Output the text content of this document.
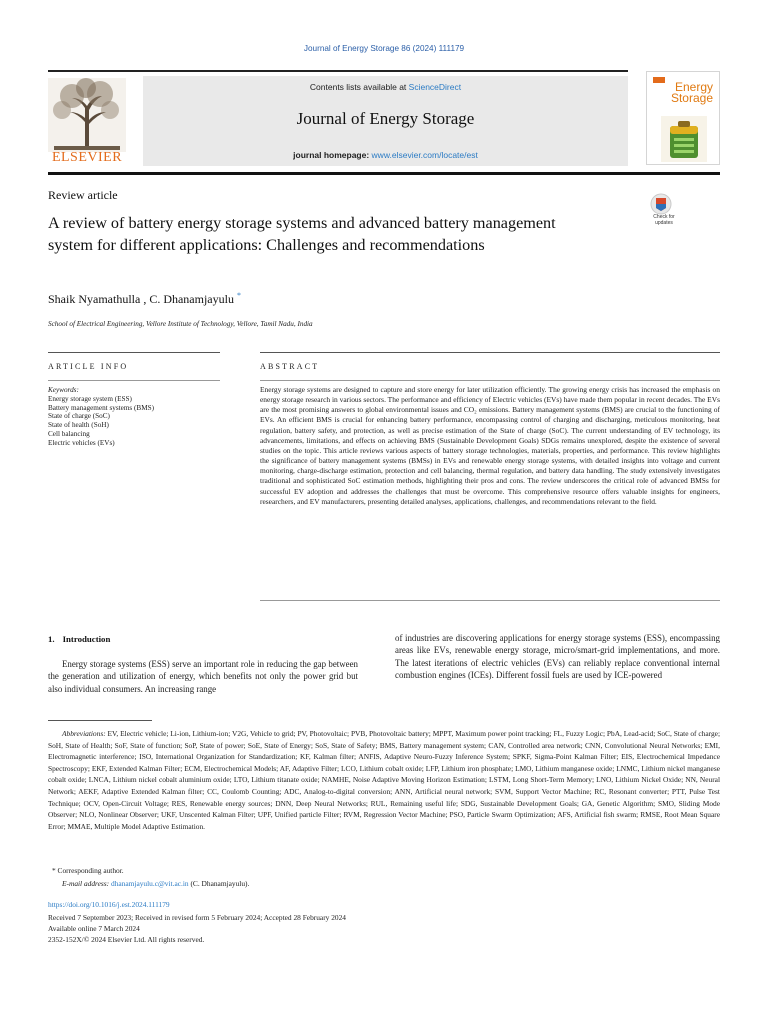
Journal of Energy Storage 86 (2024) 111179
ELSEVIER
Contents lists available at ScienceDirect
Journal of Energy Storage
journal homepage: www.elsevier.com/locate/est
Energy
Storage
Review article
Check for updates
A review of battery energy storage systems and advanced battery management system for different applications: Challenges and recommendations
Shaik Nyamathulla , C. Dhanamjayulu *
School of Electrical Engineering, Vellore Institute of Technology, Vellore, Tamil Nadu, India
ARTICLE INFO	ABSTRACT
Keywords:
Energy storage system (ESS)
Battery management systems (BMS)
State of charge (SoC)
State of health (SoH)
Cell balancing
Electric vehicles (EVs)
Energy storage systems are designed to capture and store energy for later utilization efficiently. The growing energy crisis has increased the emphasis on energy storage research in various sectors. The performance and efficiency of Electric vehicles (EVs) have made them popular in recent decades. The EVs are the most promising answers to global environmental issues and CO₂ emissions. Battery management systems (BMS) are crucial to the functioning of EVs. An efficient BMS is crucial for enhancing battery performance, encompassing control of charging and discharging, meticulous monitoring, heat regulation, battery safety, and protection, as well as precise estimation of the State of charge (SoC). The current understanding of EV technology, its advancements, limitations, and effects on achieving BMS (Sustainable Development Goals) SDGs remains unexplored, despite the existence of several studies on the topic. This article reviews various aspects of battery storage technologies, materials, properties, and performance. This review highlights the significance of battery management systems (BMSs) in EVs and renewable energy storage systems, with detailed insights into voltage and current monitoring, charge-discharge estimation, protection and cell balancing, thermal regulation, and battery data handling. The study extensively investigates traditional and sophisticated SoC estimation methods, highlighting their pros and cons. The review underscores the critical role of advanced BMSs for successful EV adoption and addresses the challenges that must be overcome. This comprehensive resource offers valuable insights for engineers, researchers, and EV manufacturers, presenting detailed analyses, applications, challenges, and recommendations relevant to the field.
1. Introduction
Energy storage systems (ESS) serve an important role in reducing the gap between the generation and utilization of energy, which benefits not only the power grid but also individual consumers. An increasing range
of industries are discovering applications for energy storage systems (ESS), encompassing areas like EVs, renewable energy storage, micro/smart-grid implementations, and more. The latest iterations of electric vehicles (EVs) can reliably replace conventional internal combustion engines (ICEs). Different fossil fuels are used by ICE-powered
Abbreviations: EV, Electric vehicle; Li-ion, Lithium-ion; V2G, Vehicle to grid; PV, Photovoltaic; PVB, Photovoltaic battery; MPPT, Maximum power point tracking; FL, Fuzzy Logic; PbA, Lead-acid; SoC, State of charge; SoH, State of Health; SoF, State of function; SoP, State of power; SoE, State of Energy; SoS, State of Safety; BMS, Battery management system; CAN, Controlled area network; CNN, Convolutional Neural Networks; EMI, Electromagnetic interference; ISO, International Organization for Standardization; KF, Kalman filter; ANFIS, Adaptive Neuro-Fuzzy Inference System; SPKF, Sigma-Point Kalman Filter; EIS, Electrochemical Impedance Spectroscopy; EKF, Extended Kalman Filter; ECM, Electrochemical Models; AF, Adaptive Filter; LCO, Lithium cobalt oxide; LFP, Lithium iron phosphate; LMO, Lithium manganese oxide; LNMC, Lithium nickel manganese cobalt oxide; LNCA, Lithium nickel cobalt aluminium oxide; LTO, Lithium titanate oxide; NAMHE, Noise Adaptive Moving Horizon Estimation; LSTM, Long Short-Term Memory; LNO, Lithium Nickel Oxide; NN, Neural Network; AEKF, Adaptive Extended Kalman filter; CC, Coulomb Counting; ADC, Analog-to-digital conversion; ANN, Artificial neural network; SVM, Support Vector Machine; RC, Resonant converter; PTT, Pulse Test Technique; OCV, Open-Circuit Voltage; RES, Renewable energy sources; DNN, Deep Neural Networks; RUL, Remaining useful life; SDG, Sustainable Development Goals; GA, Genetic Algorithm; SMO, Sliding Mode Observer; NLO, Nonlinear Observer; UKF, Unscented Kalman Filter; UPF, Unified particle Filter; RVM, Regression Vector Machine; PSO, Particle Swarm Optimization; AFS, Artificial fish swarm; RMSE, Root Mean Square Error; MMAE, Multiple Model Adaptive Estimation.
* Corresponding author.
E-mail address: dhanamjayulu.c@vit.ac.in (C. Dhanamjayulu).
https://doi.org/10.1016/j.est.2024.111179
Received 7 September 2023; Received in revised form 5 February 2024; Accepted 28 February 2024
Available online 7 March 2024
2352-152X/© 2024 Elsevier Ltd. All rights reserved.
